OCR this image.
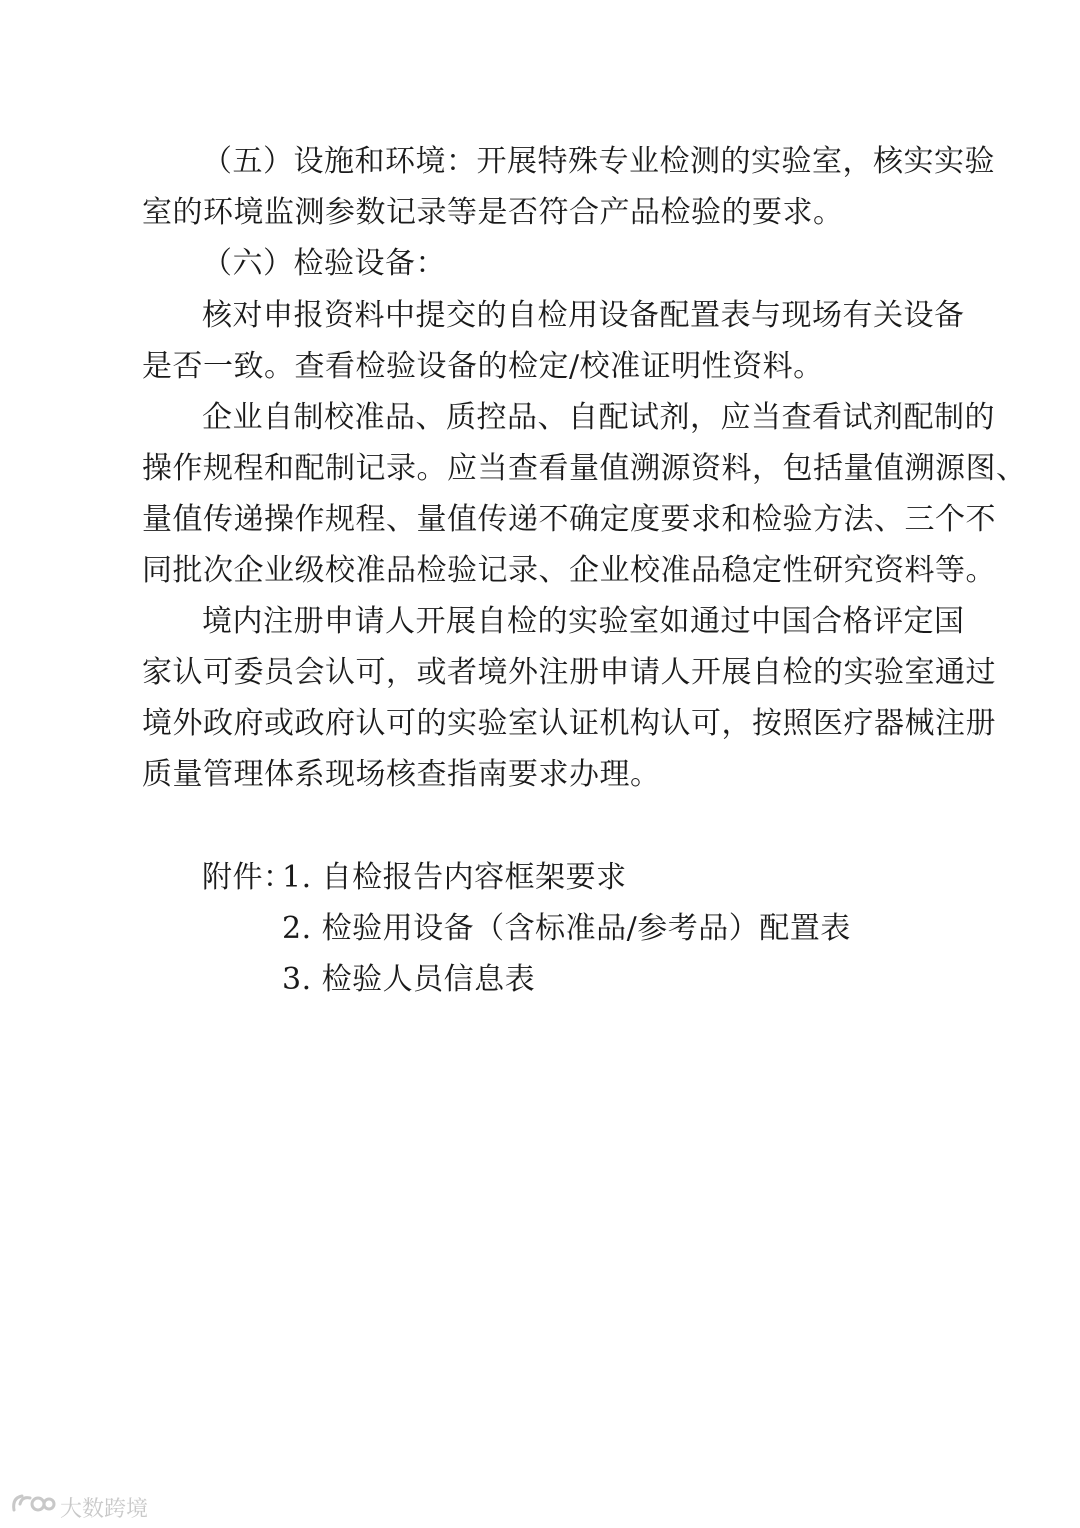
（五）设施和环境：开展特殊专业检测的实验室，核实实验
室的环境监测参数记录等是否符合产品检验的要求。
（六）检验设备：
核对申报资料中提交的自检用设备配置表与现场有关设备
是否一致。查看检验设备的检定/校准证明性资料。
企业自制校准品、质控品、自配试剂，应当查看试剂配制的
操作规程和配制记录。应当查看量值溯源资料，包括量值溯源图、
量值传递操作规程、量值传递不确定度要求和检验方法、三个不
同批次企业级校准品检验记录、企业校准品稳定性研究资料等。
境内注册申请人开展自检的实验室如通过中国合格评定国
家认可委员会认可，或者境外注册申请人开展自检的实验室通过
境外政府或政府认可的实验室认证机构认可，按照医疗器械注册
质量管理体系现场核查指南要求办理。
附件：
1. 自检报告内容框架要求
2. 检验用设备（含标准品/参考品）配置表
3. 检验人员信息表
大数跨境
